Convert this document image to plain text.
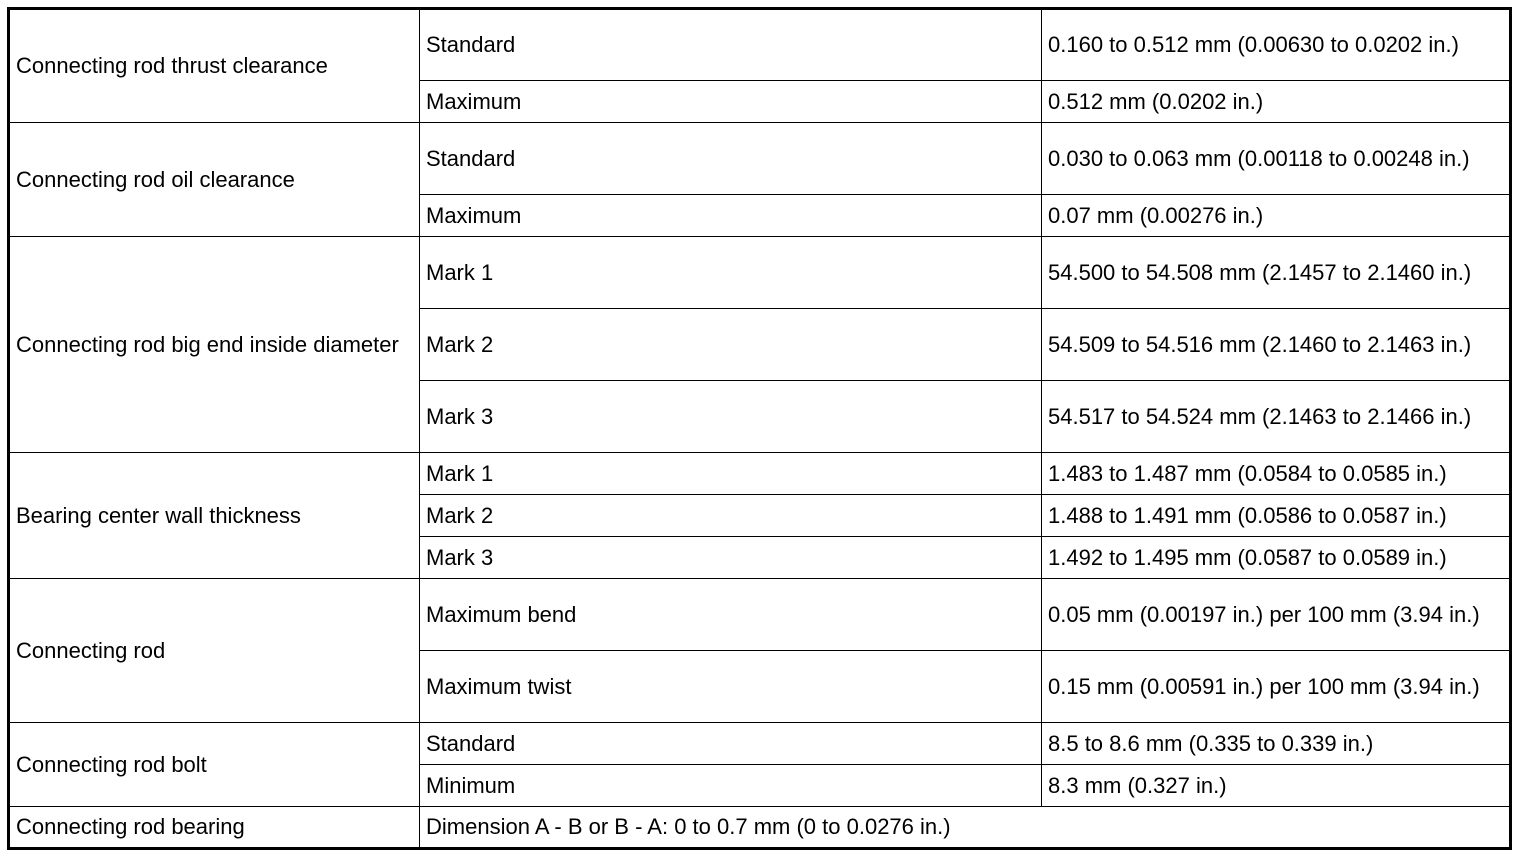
Connecting rod thrust clearance	Standard	0.160 to 0.512 mm (0.00630 to 0.0202 in.)
	Maximum	0.512 mm (0.0202 in.)
Connecting rod oil clearance	Standard	0.030 to 0.063 mm (0.00118 to 0.00248 in.)
	Maximum	0.07 mm (0.00276 in.)
Connecting rod big end inside diameter	Mark 1	54.500 to 54.508 mm (2.1457 to 2.1460 in.)
	Mark 2	54.509 to 54.516 mm (2.1460 to 2.1463 in.)
	Mark 3	54.517 to 54.524 mm (2.1463 to 2.1466 in.)
Bearing center wall thickness	Mark 1	1.483 to 1.487 mm (0.0584 to 0.0585 in.)
	Mark 2	1.488 to 1.491 mm (0.0586 to 0.0587 in.)
	Mark 3	1.492 to 1.495 mm (0.0587 to 0.0589 in.)
Connecting rod	Maximum bend	0.05 mm (0.00197 in.) per 100 mm (3.94 in.)
	Maximum twist	0.15 mm (0.00591 in.) per 100 mm (3.94 in.)
Connecting rod bolt	Standard	8.5 to 8.6 mm (0.335 to 0.339 in.)
	Minimum	8.3 mm (0.327 in.)
Connecting rod bearing	Dimension A - B or B - A: 0 to 0.7 mm (0 to 0.0276 in.)	
